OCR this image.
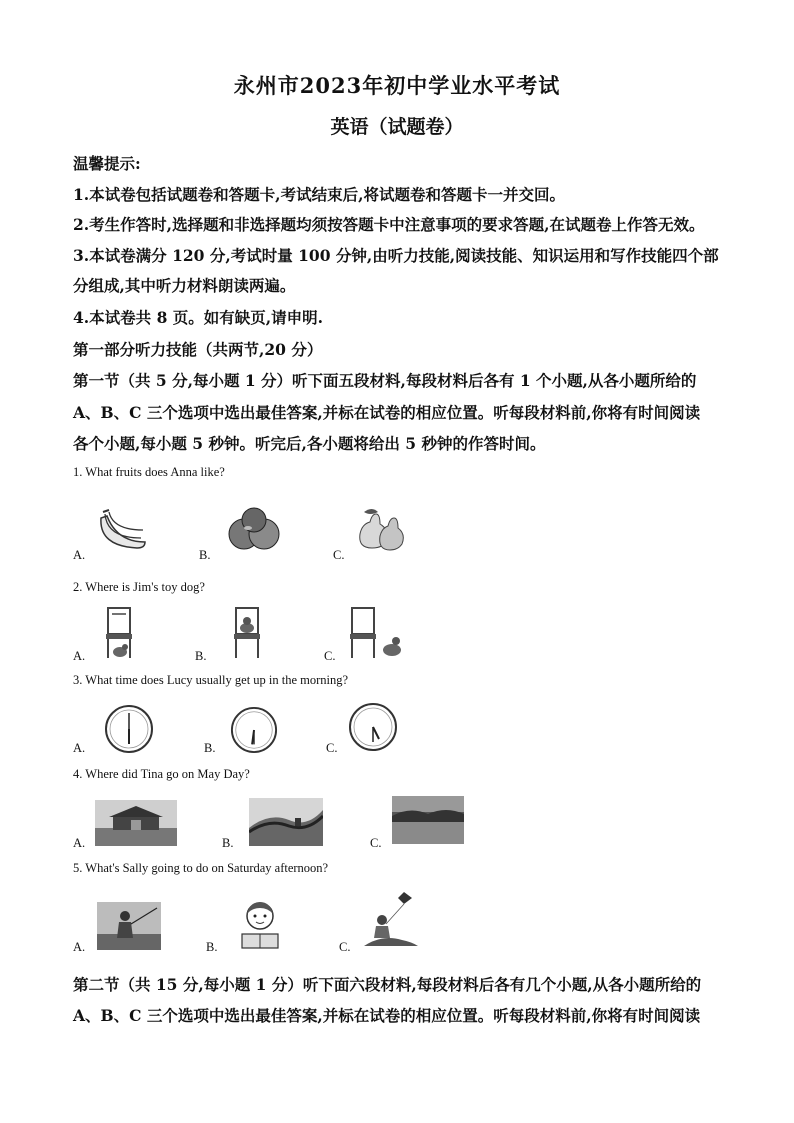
永州市2023年初中学业水平考试
英语（试题卷）
温馨提示:
1.本试卷包括试题卷和答题卡,考试结束后,将试题卷和答题卡一并交回。
2.考生作答时,选择题和非选择题均须按答题卡中注意事项的要求答题,在试题卷上作答无效。
3.本试卷满分 120 分,考试时量 100 分钟,由听力技能,阅读技能、知识运用和写作技能四个部
分组成,其中听力材料朗读两遍。
4.本试卷共 8 页。如有缺页,请申明.
第一部分听力技能（共两节,20 分）
第一节（共 5 分,每小题 1 分）听下面五段材料,每段材料后各有 1 个小题,从各小题所给的
A、B、C 三个选项中选出最佳答案,并标在试卷的相应位置。听每段材料前,你将有时间阅读
各个小题,每小题 5 秒钟。听完后,各小题将给出 5 秒钟的作答时间。
1. What fruits does Anna like?
A.	B.	C.
2. Where is Jim's toy dog?
A.	B.	C.
3. What time does Lucy usually get up in the morning?
A.	B.	C.
4. Where did Tina go on May Day?
A.	B.	C.
5. What's Sally going to do on Saturday afternoon?
A.	B.	C.
第二节（共 15 分,每小题 1 分）听下面六段材料,每段材料后各有几个小题,从各小题所给的
A、B、C 三个选项中选出最佳答案,并标在试卷的相应位置。听每段材料前,你将有时间阅读
